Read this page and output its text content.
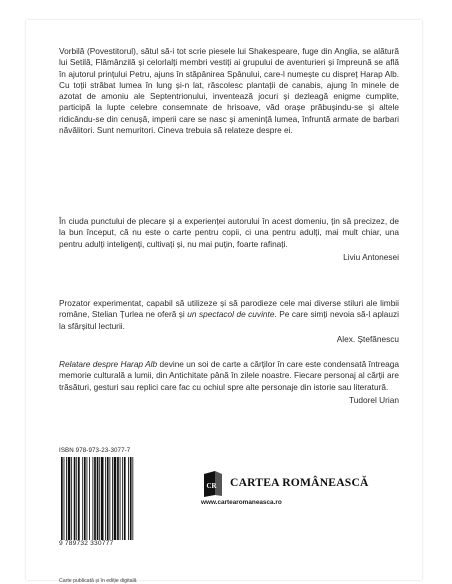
Vorbilă (Povestitorul), sătul să-i tot scrie piesele lui Shakespeare, fuge din Anglia, se alătură lui Setilă, Flămânzilă și celorlalți membri vestiți ai grupului de aventurieri și împreună se află în ajutorul prințului Petru, ajuns în stăpânirea Spânului, care-l numește cu dispreț Harap Alb. Cu toții străbat lumea în lung și-n lat, răscolesc plantații de canabis, ajung în minele de azotat de amoniu ale Septentrionului, inventează jocuri și dezleagă enigme cumplite, participă la lupte celebre consemnate de hrisoave, văd orașe prăbușindu-se și altele ridicându-se din cenușă, imperii care se nasc și amenință lumea, înfruntă armate de barbari năvălitori. Sunt nemuritori. Cineva trebuia să relateze despre ei.

În ciuda punctului de plecare și a experienței autorului în acest domeniu, țin să precizez, de la bun început, că nu este o carte pentru copii, ci una pentru adulți, mai mult chiar, una pentru adulți inteligenți, cultivați și, nu mai puțin, foarte rafinați.
Liviu Antonesei
Prozator experimentat, capabil să utilizeze și să parodieze cele mai diverse stiluri ale limbii române, Stelian Țurlea ne oferă și un spectacol de cuvinte. Pe care simți nevoia să-l aplauzi la sfârșitul lecturii.
Alex. Ștefănescu
Relatare despre Harap Alb devine un soi de carte a cărților în care este condensată întreaga memorie culturală a lumii, din Antichitate până în zilele noastre. Fiecare personaj al cărții are trăsături, gesturi sau replici care fac cu ochiul spre alte personaje din istorie sau literatură.
Tudorel Urian
ISBN 978-973-23-3077-7
9 789732 330777
Carte publicată și în ediție digitală
CR CARTEA ROMÂNEASCĂ
www.cartearomaneasca.ro
